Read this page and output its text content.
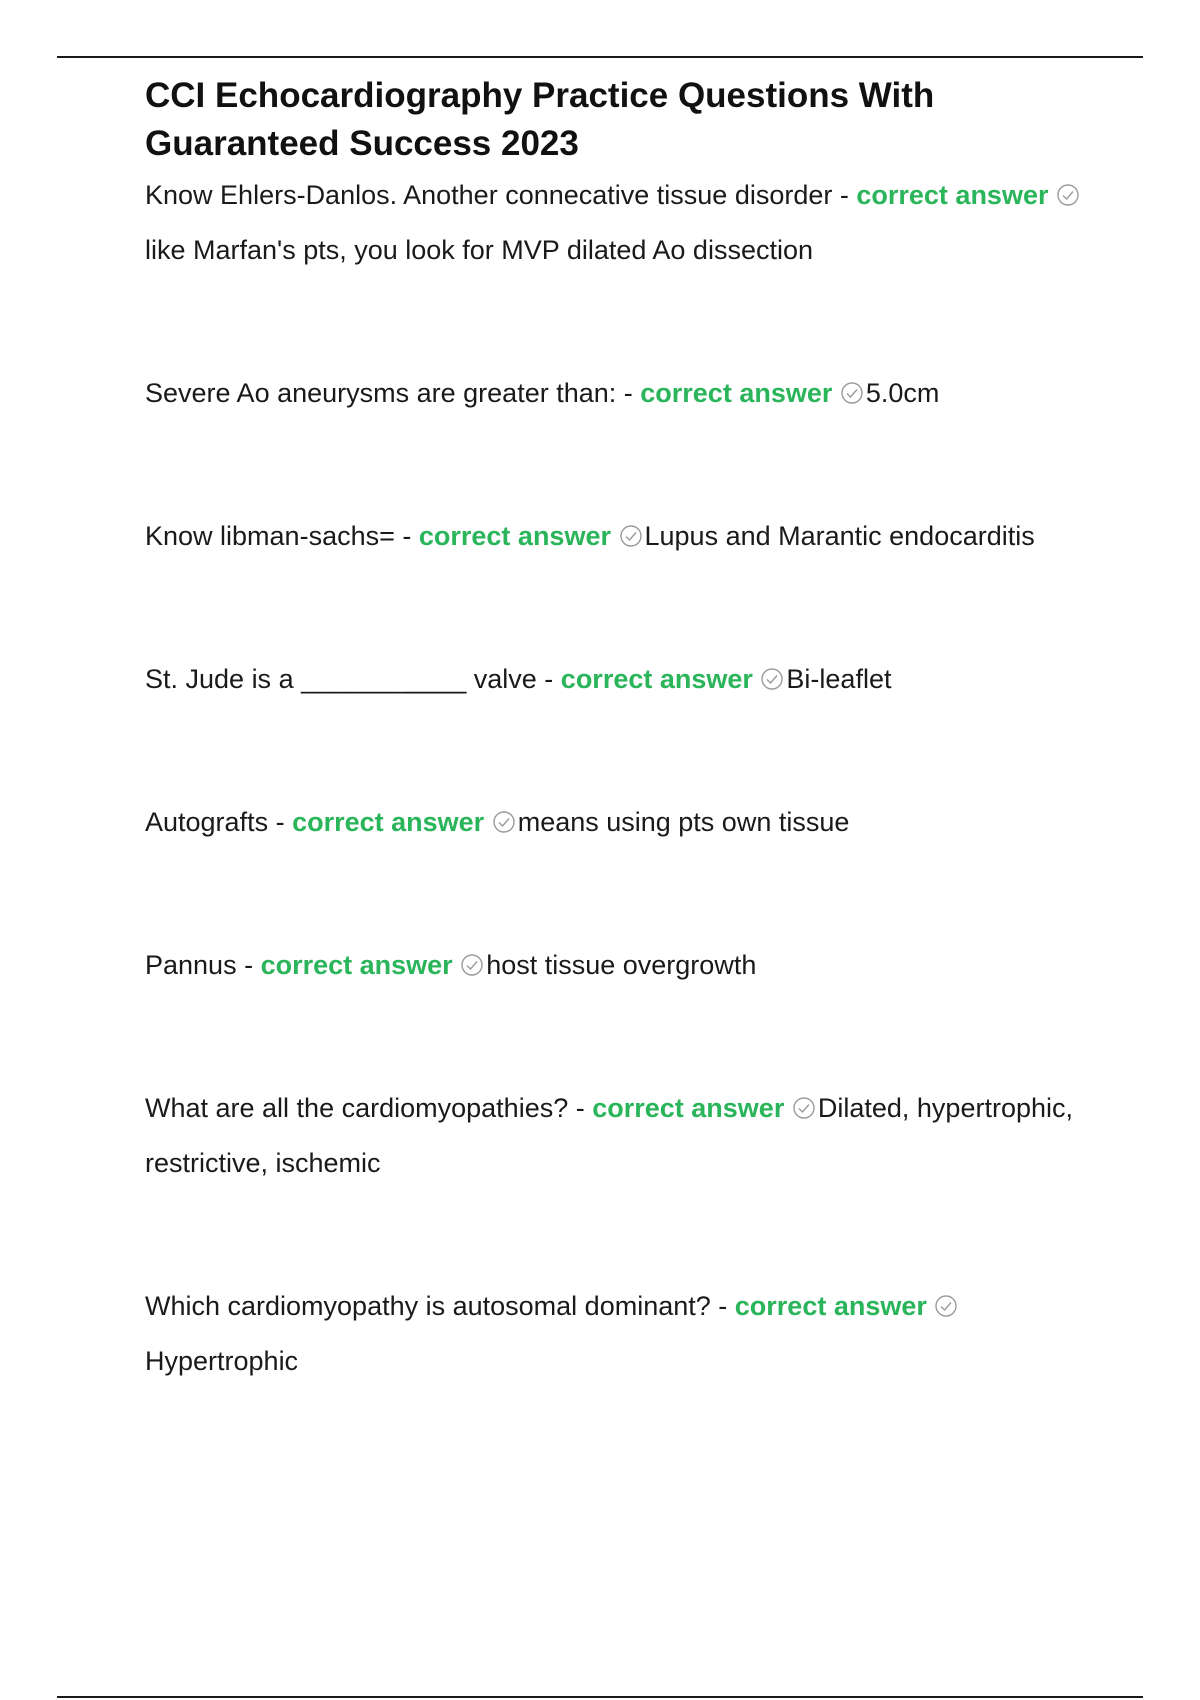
CCI Echocardiography Practice Questions With Guaranteed Success 2023

Know Ehlers-Danlos. Another connecative tissue disorder - correct answer
like Marfan's pts, you look for MVP dilated Ao dissection

Severe Ao aneurysms are greater than: - correct answer 5.0cm

Know libman-sachs= - correct answer Lupus and Marantic endocarditis

St. Jude is a ___________ valve - correct answer Bi-leaflet

Autografts - correct answer means using pts own tissue

Pannus - correct answer host tissue overgrowth

What are all the cardiomyopathies? - correct answer Dilated, hypertrophic, restrictive, ischemic

Which cardiomyopathy is autosomal dominant? - correct answer
Hypertrophic
